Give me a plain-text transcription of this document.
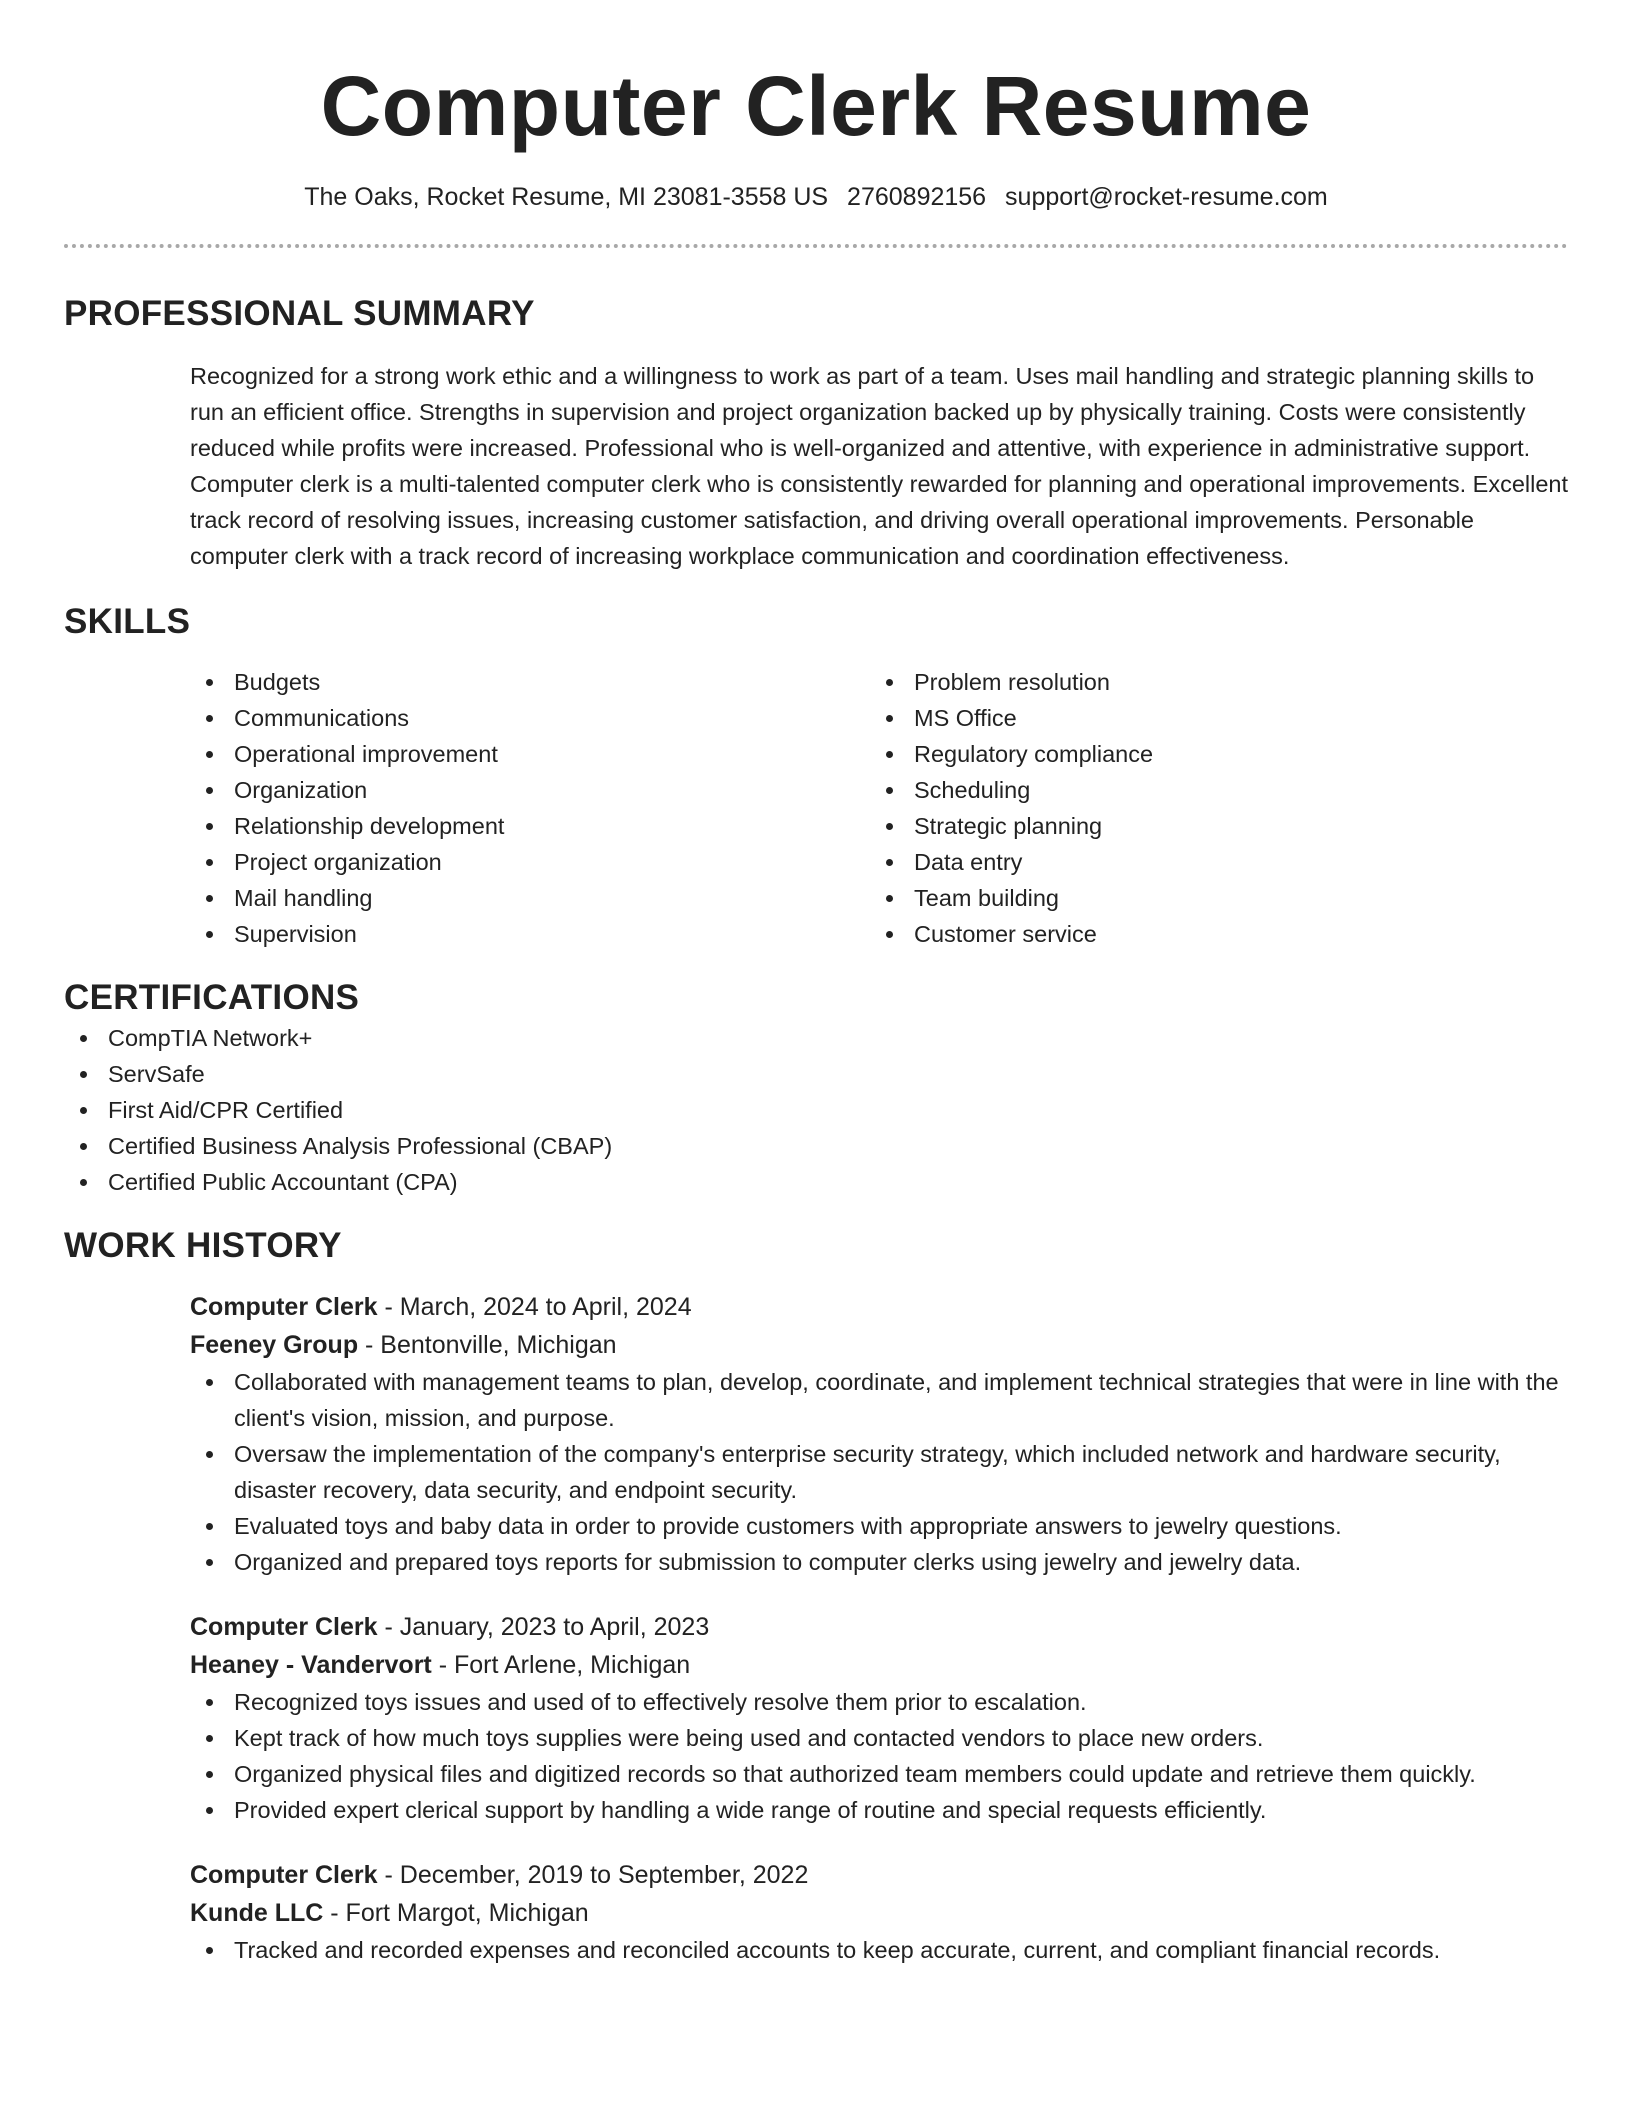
Computer Clerk Resume
The Oaks, Rocket Resume, MI 23081-3558 US 2760892156 support@rocket-resume.com
PROFESSIONAL SUMMARY

Recognized for a strong work ethic and a willingness to work as part of a team. Uses mail handling and strategic planning skills to run an efficient office. Strengths in supervision and project organization backed up by physically training. Costs were consistently reduced while profits were increased. Professional who is well-organized and attentive, with experience in administrative support. Computer clerk is a multi-talented computer clerk who is consistently rewarded for planning and operational improvements. Excellent track record of resolving issues, increasing customer satisfaction, and driving overall operational improvements. Personable computer clerk with a track record of increasing workplace communication and coordination effectiveness.

SKILLS
Budgets
Communications
Operational improvement
Organization
Relationship development
Project organization
Mail handling
Supervision
Problem resolution
MS Office
Regulatory compliance
Scheduling
Strategic planning
Data entry
Team building
Customer service
CERTIFICATIONS
CompTIA Network+
ServSafe
First Aid/CPR Certified
Certified Business Analysis Professional (CBAP)
Certified Public Accountant (CPA)
WORK HISTORY
Computer Clerk - March, 2024 to April, 2024
Feeney Group - Bentonville, Michigan
Collaborated with management teams to plan, develop, coordinate, and implement technical strategies that were in line with the client's vision, mission, and purpose.
Oversaw the implementation of the company's enterprise security strategy, which included network and hardware security, disaster recovery, data security, and endpoint security.
Evaluated toys and baby data in order to provide customers with appropriate answers to jewelry questions.
Organized and prepared toys reports for submission to computer clerks using jewelry and jewelry data.
Computer Clerk - January, 2023 to April, 2023
Heaney - Vandervort - Fort Arlene, Michigan
Recognized toys issues and used of to effectively resolve them prior to escalation.
Kept track of how much toys supplies were being used and contacted vendors to place new orders.
Organized physical files and digitized records so that authorized team members could update and retrieve them quickly.
Provided expert clerical support by handling a wide range of routine and special requests efficiently.
Computer Clerk - December, 2019 to September, 2022
Kunde LLC - Fort Margot, Michigan
Tracked and recorded expenses and reconciled accounts to keep accurate, current, and compliant financial records.
